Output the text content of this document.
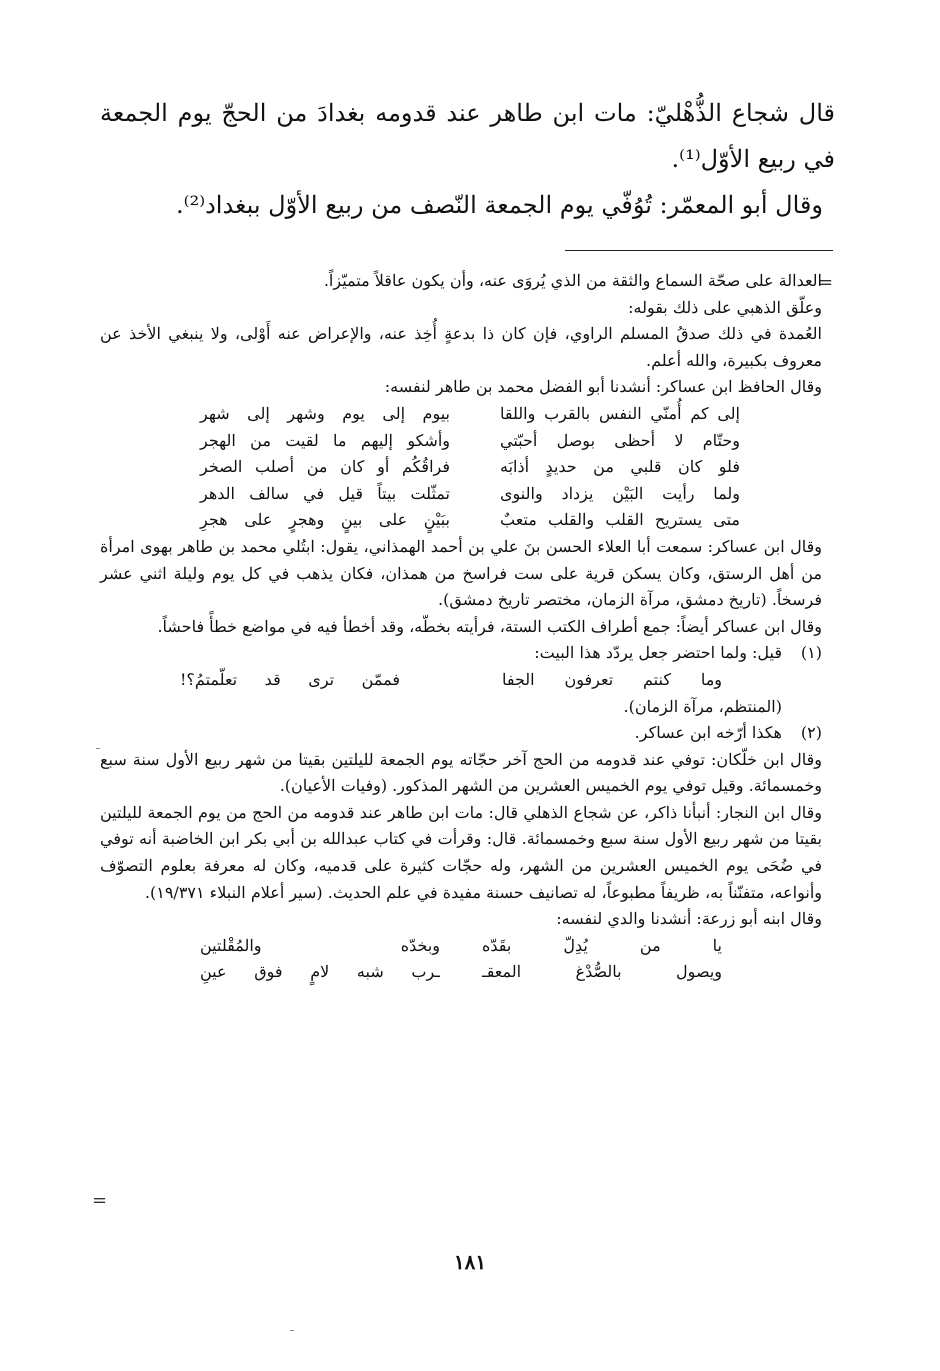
قال شجاع الذُّهْليّ: مات ابن طاهر عند قدومه بغدادَ من الحجّ يوم الجمعة في ربيع الأوّل⁽¹⁾.

وقال أبو المعمّر: تُوُفّي يوم الجمعة النّصف من ربيع الأوّل ببغداد⁽²⁾.

=

العدالة على صحّة السماع والثقة من الذي يُروَى عنه، وأن يكون عاقلاً متميّزاً.

وعلّق الذهبي على ذلك بقوله:

العُمدة في ذلك صدقُ المسلم الراوي، فإن كان ذا بدعةٍ أُخِذ عنه، والإعراض عنه أَوْلى، ولا ينبغي الأخذ عن معروف بكبيرة، والله أعلم.

وقال الحافظ ابن عساكر: أنشدنا أبو الفضل محمد بن طاهر لنفسه:

إلى كم أُمنّي النفس بالقرب واللقا
بيوم إلى يوم وشهر إلى شهر
وحتّام لا أحظى بوصل أحبّتي
وأشكو إليهم ما لقيت من الهجر
فلو كان قلبي من حديدٍ أذابَه
فراقُكُم أو كان من أصلب الصخر
ولما رأيت البَيْن يزداد والنوى
تمثّلت بيتاً قيل في سالف الدهر
متى يستريح القلب والقلب متعبٌ
ببَيْنٍ على بينٍ وهجرٍ على هجرِ

وقال ابن عساكر: سمعت أبا العلاء الحسن بنَ علي بن أحمد الهمذاني، يقول: ابتُلي محمد بن طاهر بهوى امرأة من أهل الرستق، وكان يسكن قرية على ست فراسخ من همذان، فكان يذهب في كل يوم وليلة اثني عشر فرسخاً. (تاريخ دمشق، مرآة الزمان، مختصر تاريخ دمشق).

وقال ابن عساكر أيضاً: جمع أطراف الكتب الستة، فرأيته بخطّه، وقد أخطأ فيه في مواضع خطأً فاحشاً.

(١)
قيل: ولما احتضر جعل يردّد هذا البيت:
وما كنتم تعرفون الجفا
فممّن ترى قد تعلّمتمُ؟!

(المنتظم، مرآة الزمان).

(٢)
هكذا أرّخه ابن عساكر.

وقال ابن خلّكان: توفي عند قدومه من الحج آخر حجّاته يوم الجمعة لليلتين بقيتا من شهر ربيع الأول سنة سبع وخمسمائة. وقيل توفي يوم الخميس العشرين من الشهر المذكور. (وفيات الأعيان).

وقال ابن النجار: أنبأنا ذاكر، عن شجاع الذهلي قال: مات ابن طاهر عند قدومه من الحج من يوم الجمعة لليلتين بقيتا من شهر ربيع الأول سنة سبع وخمسمائة. قال: وقرأت في كتاب عبدالله بن أبي بكر ابن الخاضبة أنه توفي في ضُحَى يوم الخميس العشرين من الشهر، وله حجّات كثيرة على قدميه، وكان له معرفة بعلوم التصوّف وأنواعه، متفنّناً به، ظريفاً مطبوعاً، له تصانيف حسنة مفيدة في علم الحديث. (سير أعلام النبلاء ١٩/٣٧١).

وقال ابنه أبو زرعة: أنشدنا والدي لنفسه:

يا من يُدِلّ بقَدّه
وبخدّه والمُقْلتين
ويصول بالصُّدْغ المعقـ
ـرب شبه لامٍ فوق عينِ
=
١٨١
